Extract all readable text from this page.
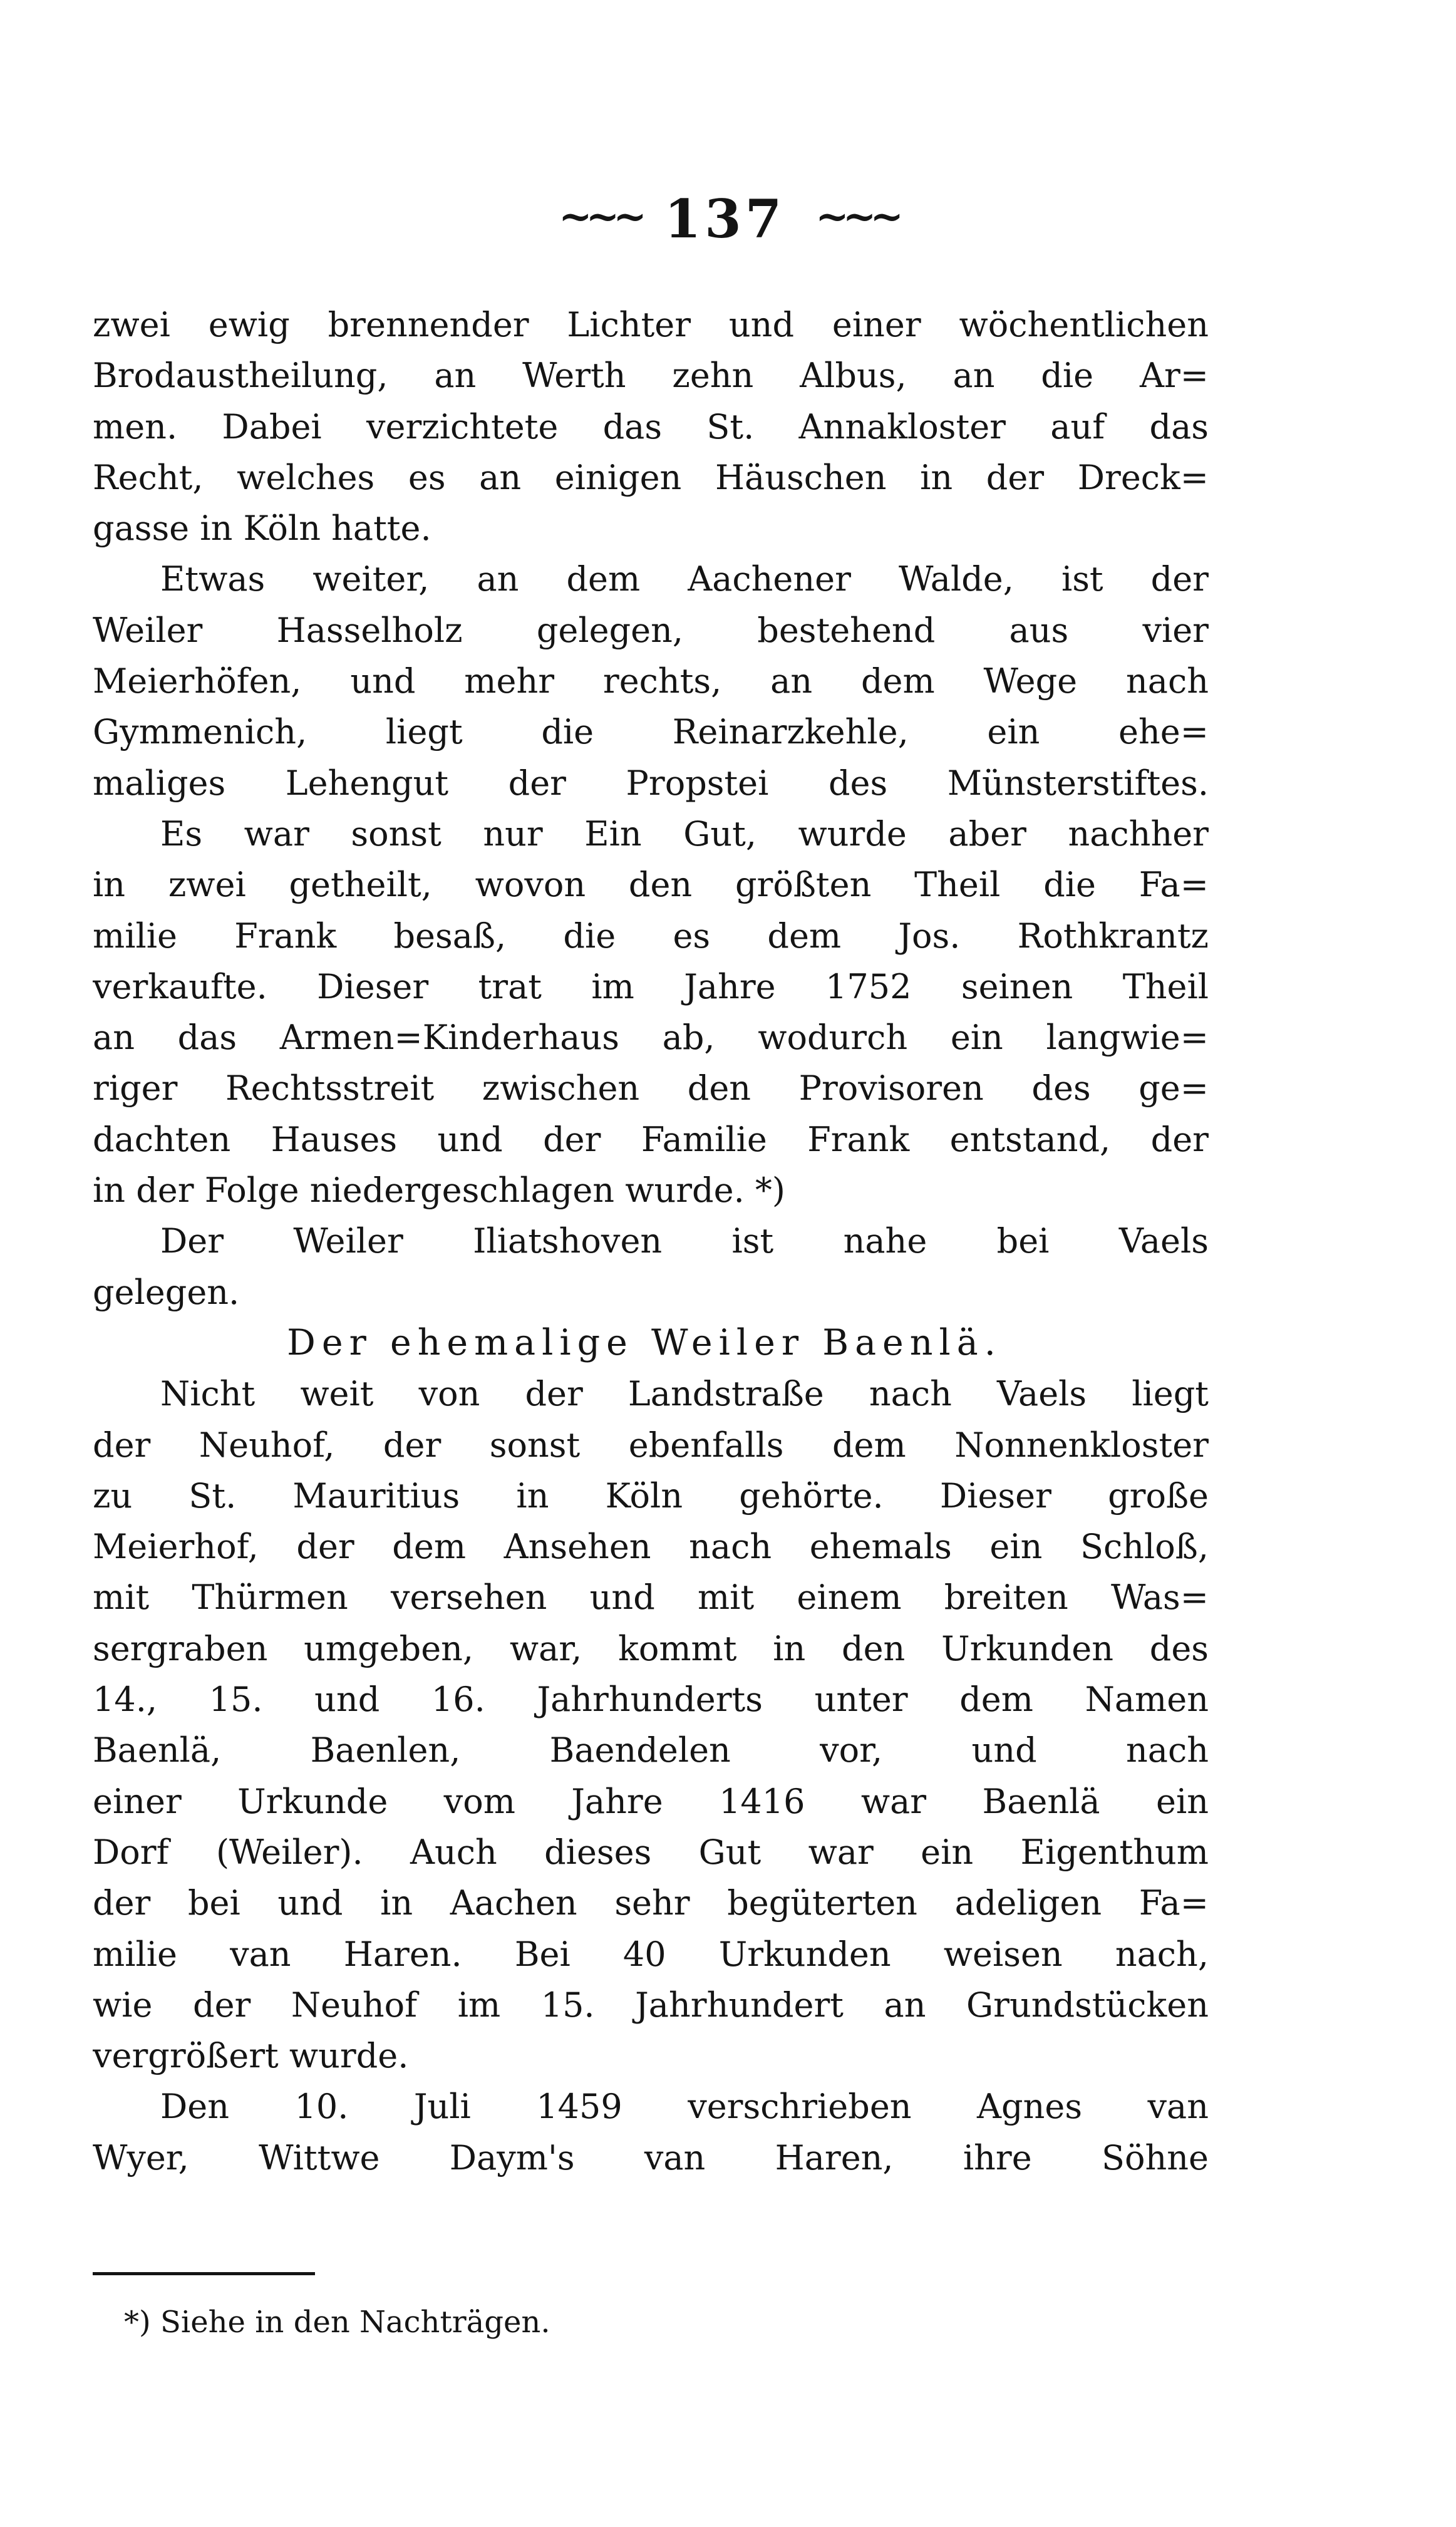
~~~ 137 ~~~
zwei ewig brennender Lichter und einer wöchentlichen
Brodaustheilung, an Werth zehn Albus, an die Ar=
men. Dabei verzichtete das St. Annakloster auf das
Recht, welches es an einigen Häuschen in der Dreck=
gasse in Köln hatte.
Etwas weiter, an dem Aachener Walde, ist der
Weiler Hasselholz gelegen, bestehend aus vier
Meierhöfen, und mehr rechts, an dem Wege nach
Gymmenich, liegt die Reinarzkehle, ein ehe=
maliges Lehengut der Propstei des Münsterstiftes.
Es war sonst nur Ein Gut, wurde aber nachher
in zwei getheilt, wovon den größten Theil die Fa=
milie Frank besaß, die es dem Jos. Rothkrantz
verkaufte. Dieser trat im Jahre 1752 seinen Theil
an das Armen=Kinderhaus ab, wodurch ein langwie=
riger Rechtsstreit zwischen den Provisoren des ge=
dachten Hauses und der Familie Frank entstand, der
in der Folge niedergeschlagen wurde. *)
Der Weiler Iliatshoven ist nahe bei Vaels
gelegen.
Der ehemalige Weiler Baenlä.
Nicht weit von der Landstraße nach Vaels liegt
der Neuhof, der sonst ebenfalls dem Nonnenkloster
zu St. Mauritius in Köln gehörte. Dieser große
Meierhof, der dem Ansehen nach ehemals ein Schloß,
mit Thürmen versehen und mit einem breiten Was=
sergraben umgeben, war, kommt in den Urkunden des
14., 15. und 16. Jahrhunderts unter dem Namen
Baenlä, Baenlen, Baendelen vor, und nach
einer Urkunde vom Jahre 1416 war Baenlä ein
Dorf (Weiler). Auch dieses Gut war ein Eigenthum
der bei und in Aachen sehr begüterten adeligen Fa=
milie van Haren. Bei 40 Urkunden weisen nach,
wie der Neuhof im 15. Jahrhundert an Grundstücken
vergrößert wurde.
Den 10. Juli 1459 verschrieben Agnes van
Wyer, Wittwe Daym's van Haren, ihre Söhne
*) Siehe in den Nachträgen.
